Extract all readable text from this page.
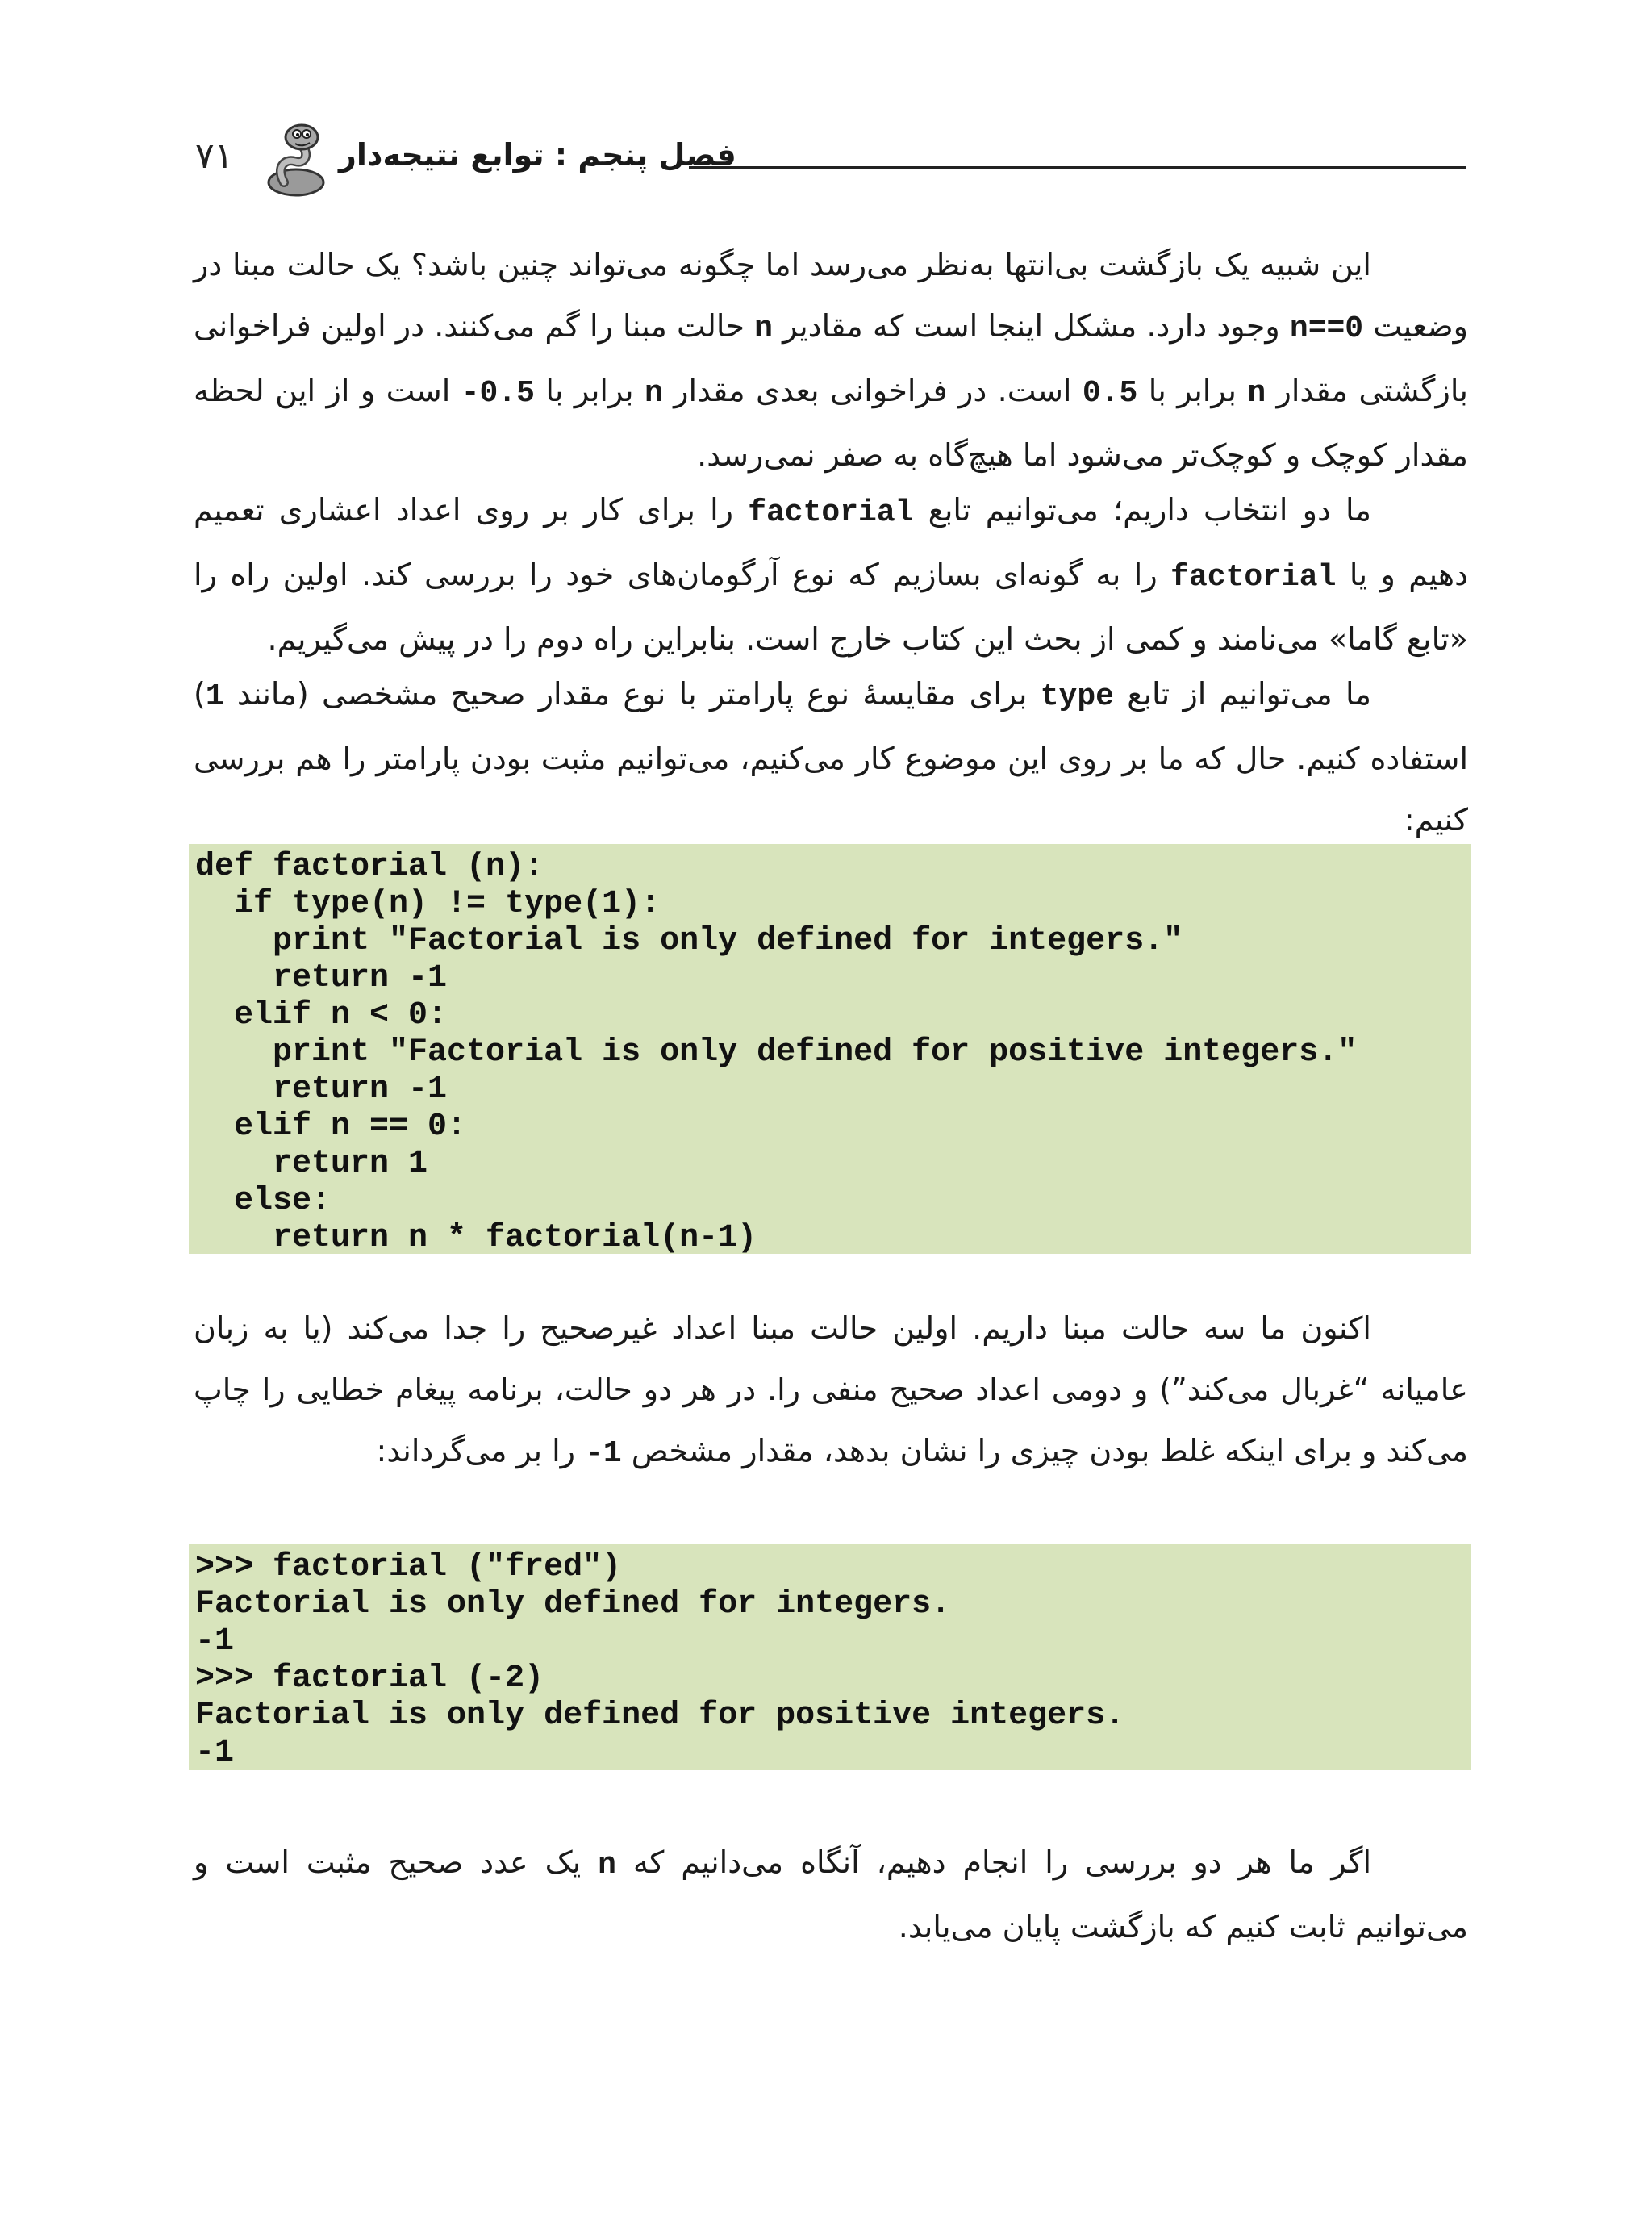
۷۱	فصل پنجم : توابع نتیجه‌دار

این شبیه یک بازگشت بی‌انتها به‌نظر می‌رسد اما چگونه می‌تواند چنین باشد؟ یک حالت مبنا در وضعیت n==0 وجود دارد. مشکل اینجا است که مقادیر n حالت مبنا را گم می‌کنند. در اولین فراخوانی بازگشتی مقدار n برابر با 0.5 است. در فراخوانی بعدی مقدار n برابر با -0.5 است و از این لحظه مقدار کوچک و کوچک‌تر می‌شود اما هیچ‌گاه به صفر نمی‌رسد.

ما دو انتخاب داریم؛ می‌توانیم تابع factorial را برای کار بر روی اعداد اعشاری تعمیم دهیم و یا factorial را به گونه‌ای بسازیم که نوع آرگومان‌های خود را بررسی کند. اولین راه را «تابع گاما» می‌نامند و کمی از بحث این کتاب خارج است. بنابراین راه دوم را در پیش می‌گیریم.

ما می‌توانیم از تابع type برای مقایسهٔ نوع پارامتر با نوع مقدار صحیح مشخصی (مانند 1) استفاده کنیم. حال که ما بر روی این موضوع کار می‌کنیم، می‌توانیم مثبت بودن پارامتر را هم بررسی کنیم:

def factorial (n):
if type(n) != type(1):
print "Factorial is only defined for integers."
return -1
elif n < 0:
print "Factorial is only defined for positive integers."
return -1
elif n == 0:
return 1
else:
return n * factorial(n-1)

اکنون ما سه حالت مبنا داریم. اولین حالت مبنا اعداد غیرصحیح را جدا می‌کند (یا به زبان عامیانه “غربال می‌کند”) و دومی اعداد صحیح منفی را. در هر دو حالت، برنامه پیغام خطایی را چاپ می‌کند و برای اینکه غلط بودن چیزی را نشان بدهد، مقدار مشخص -1 را بر می‌گرداند:

>>> factorial ("fred")
Factorial is only defined for integers.
-1
>>> factorial (-2)
Factorial is only defined for positive integers.
-1

اگر ما هر دو بررسی را انجام دهیم، آنگاه می‌دانیم که n یک عدد صحیح مثبت است و می‌توانیم ثابت کنیم که بازگشت پایان می‌یابد.
